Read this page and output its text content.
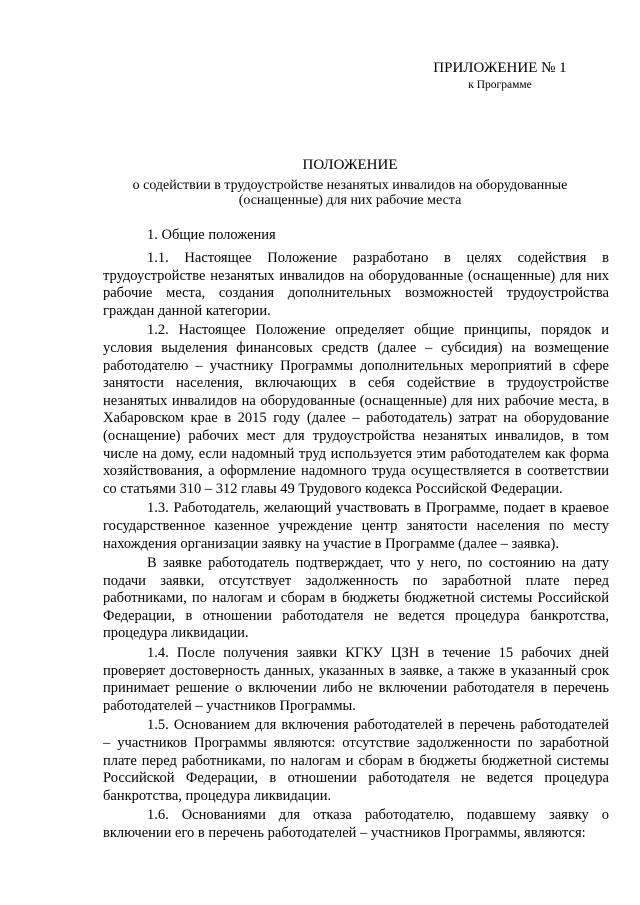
ПРИЛОЖЕНИЕ № 1
к Программе
ПОЛОЖЕНИЕ
о содействии в трудоустройстве незанятых инвалидов на оборудованные (оснащенные) для них рабочие места
1. Общие положения

1.1. Настоящее Положение разработано в целях содействия в трудоустройстве незанятых инвалидов на оборудованные (оснащенные) для них рабочие места, создания дополнительных возможностей трудоустройства граждан данной категории.

1.2. Настоящее Положение определяет общие принципы, порядок и условия выделения финансовых средств (далее – субсидия) на возмещение работодателю – участнику Программы дополнительных мероприятий в сфере занятости населения, включающих в себя содействие в трудоустройстве незанятых инвалидов на оборудованные (оснащенные) для них рабочие места, в Хабаровском крае в 2015 году (далее – работодатель) затрат на оборудование (оснащение) рабочих мест для трудоустройства незанятых инвалидов, в том числе на дому, если надомный труд используется этим работодателем как форма хозяйствования, а оформление надомного труда осуществляется в соответствии со статьями 310 – 312 главы 49 Трудового кодекса Российской Федерации.

1.3. Работодатель, желающий участвовать в Программе, подает в краевое государственное казенное учреждение центр занятости населения по месту нахождения организации заявку на участие в Программе (далее – заявка).

В заявке работодатель подтверждает, что у него, по состоянию на дату подачи заявки, отсутствует задолженность по заработной плате перед работниками, по налогам и сборам в бюджеты бюджетной системы Российской Федерации, в отношении работодателя не ведется процедура банкротства, процедура ликвидации.

1.4. После получения заявки КГКУ ЦЗН в течение 15 рабочих дней проверяет достоверность данных, указанных в заявке, а также в указанный срок принимает решение о включении либо не включении работодателя в перечень работодателей – участников Программы.

1.5. Основанием для включения работодателей в перечень работодателей – участников Программы являются: отсутствие задолженности по заработной плате перед работниками, по налогам и сборам в бюджеты бюджетной системы Российской Федерации, в отношении работодателя не ведется процедура банкротства, процедура ликвидации.

1.6. Основаниями для отказа работодателю, подавшему заявку о включении его в перечень работодателей – участников Программы, являются:
